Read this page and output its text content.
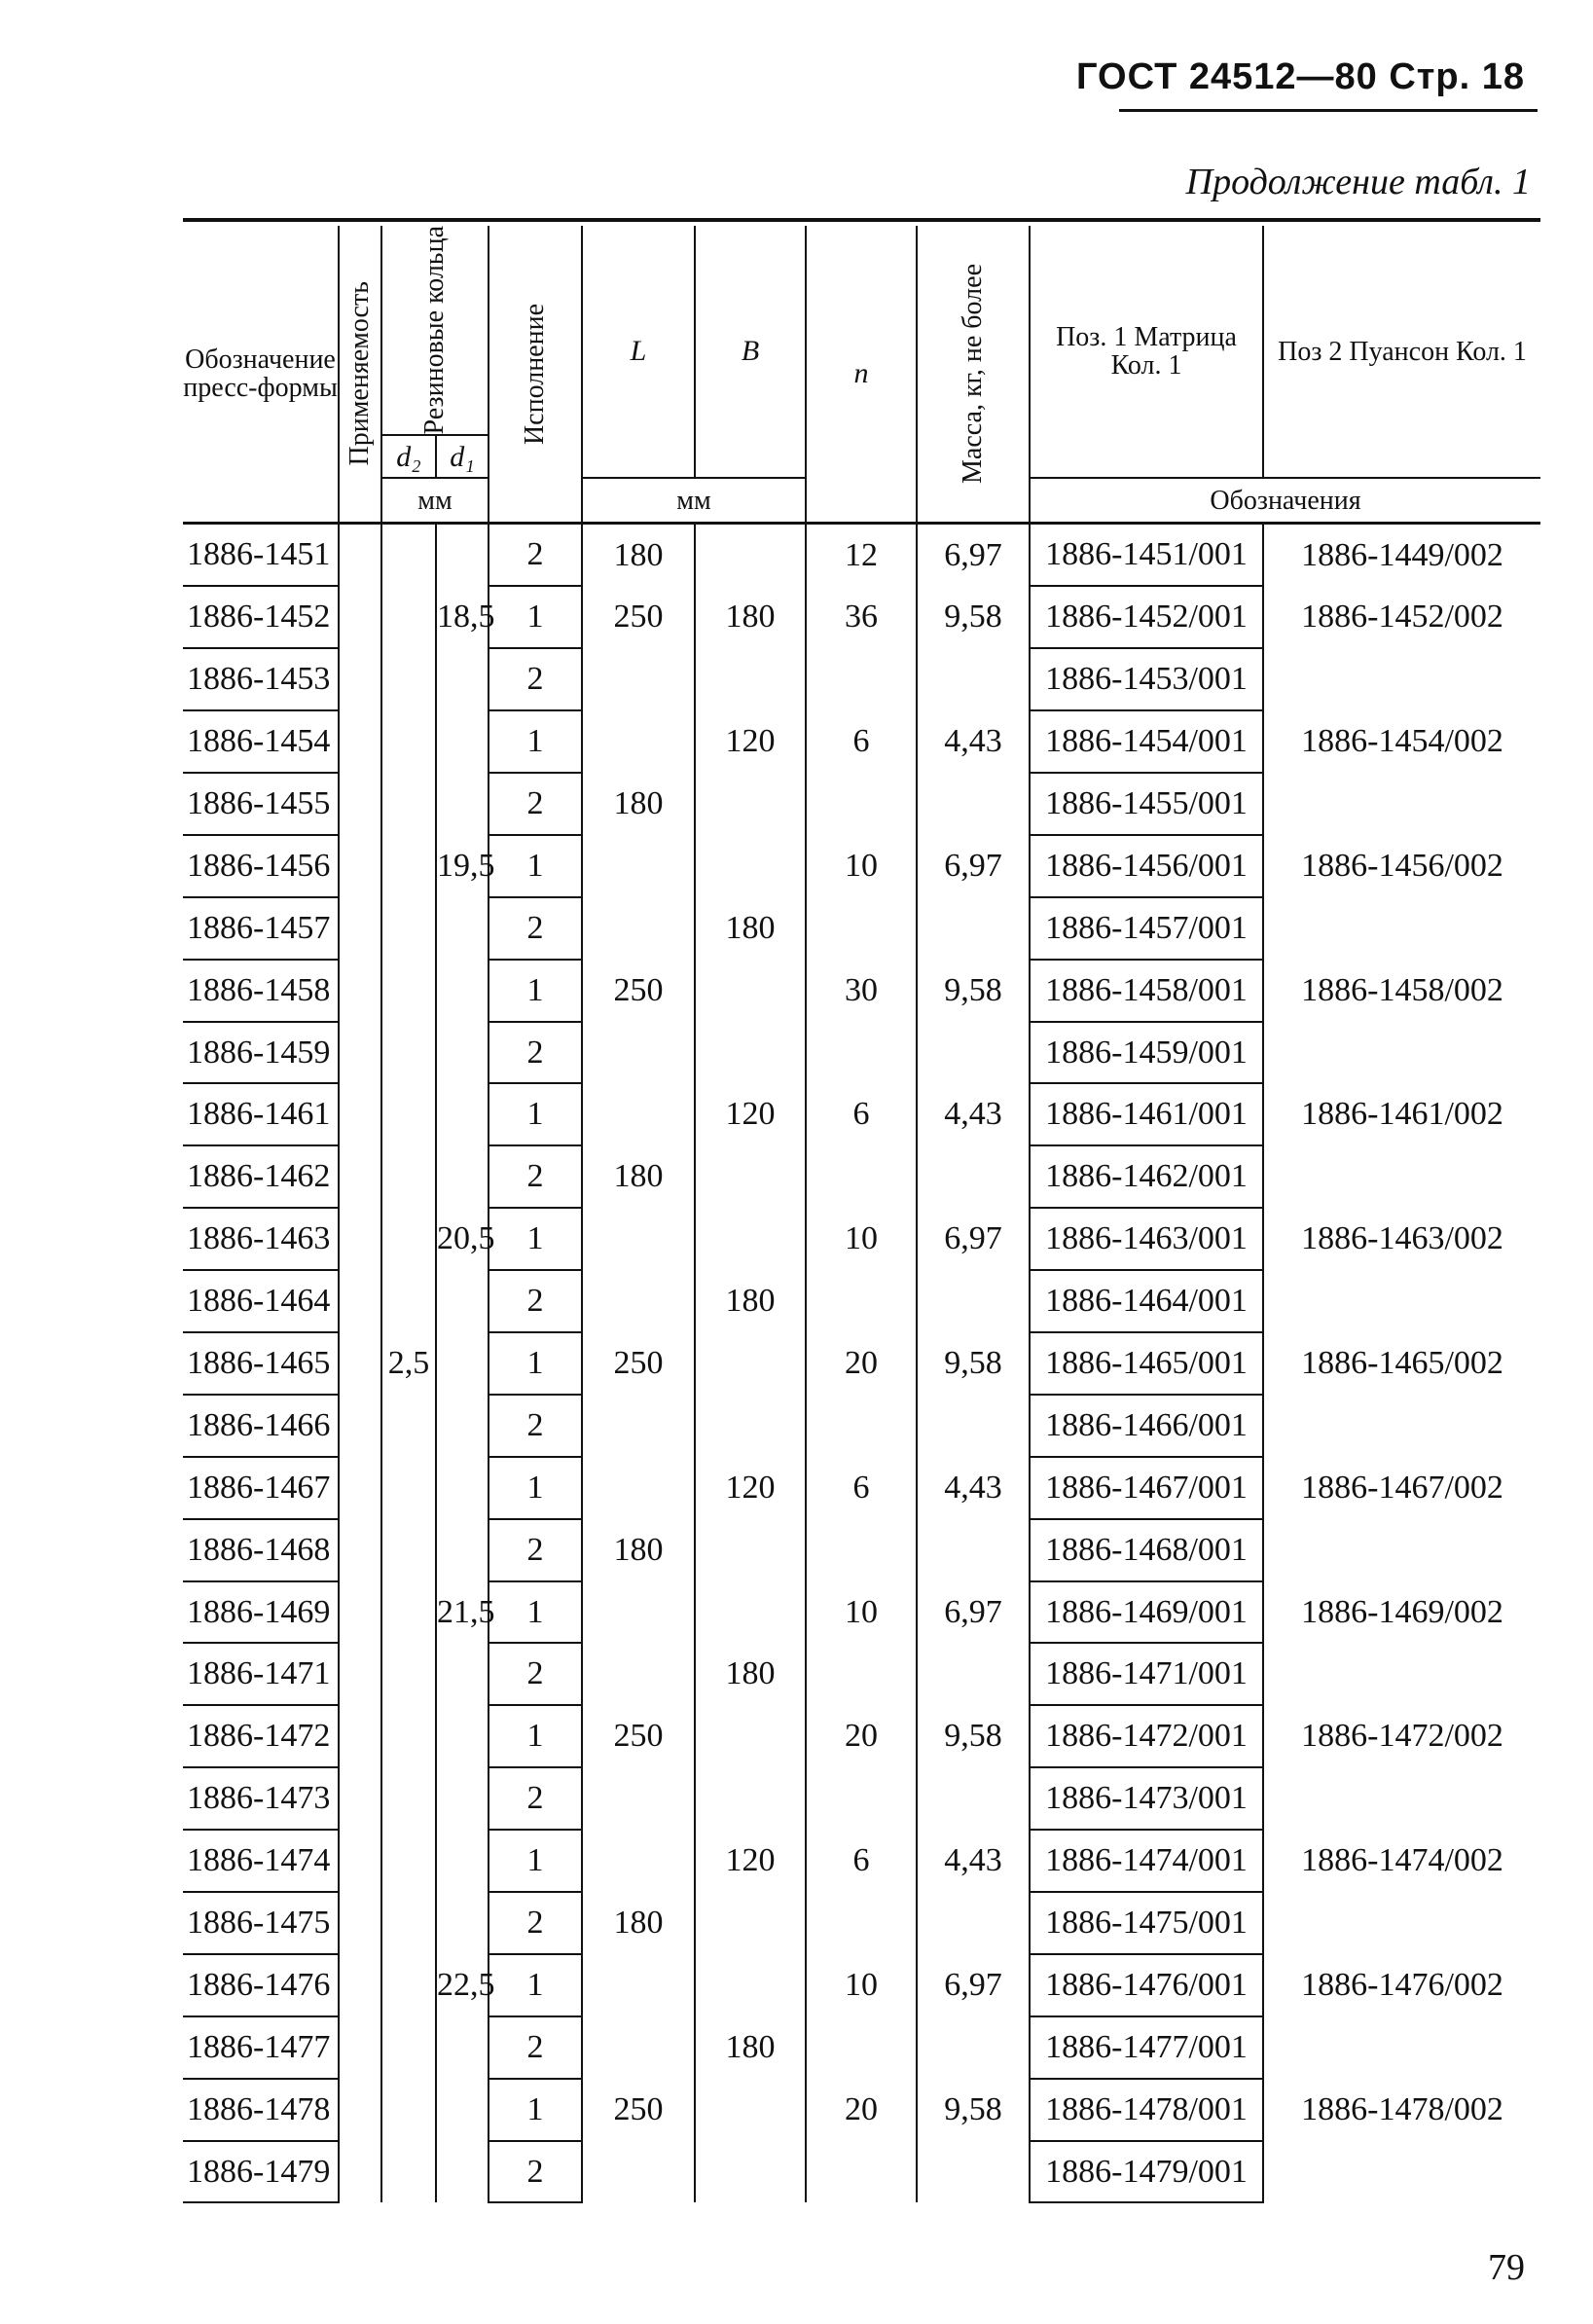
ГОСТ 24512—80 Стр. 18
Продолжение табл. 1
Обозначение пресс-формы	Применяемость	Резиновые кольца		Исполнение	L	B	n	Масса, кг, не более	Поз. 1 Матрица Кол. 1	Поз 2 Пуансон Кол. 1
		d₂	d₁							
		мм			мм				Обозначения	
1886-1451				2	180		12	6,97	1886-1451/001	1886-1449/002
1886-1452			18,5	1	250	180	36	9,58	1886-1452/001	1886-1452/002
1886-1453				2					1886-1453/001	
1886-1454				1		120	6	4,43	1886-1454/001	1886-1454/002
1886-1455				2	180				1886-1455/001	
1886-1456			19,5	1			10	6,97	1886-1456/001	1886-1456/002
1886-1457				2		180			1886-1457/001	
1886-1458				1	250		30	9,58	1886-1458/001	1886-1458/002
1886-1459				2					1886-1459/001	
1886-1461				1		120	6	4,43	1886-1461/001	1886-1461/002
1886-1462				2	180				1886-1462/001	
1886-1463			20,5	1			10	6,97	1886-1463/001	1886-1463/002
1886-1464				2		180			1886-1464/001	
1886-1465		2,5		1	250		20	9,58	1886-1465/001	1886-1465/002
1886-1466				2					1886-1466/001	
1886-1467				1		120	6	4,43	1886-1467/001	1886-1467/002
1886-1468				2	180				1886-1468/001	
1886-1469			21,5	1			10	6,97	1886-1469/001	1886-1469/002
1886-1471				2		180			1886-1471/001	
1886-1472				1	250		20	9,58	1886-1472/001	1886-1472/002
1886-1473				2					1886-1473/001	
1886-1474				1		120	6	4,43	1886-1474/001	1886-1474/002
1886-1475				2	180				1886-1475/001	
1886-1476			22,5	1			10	6,97	1886-1476/001	1886-1476/002
1886-1477				2		180			1886-1477/001	
1886-1478				1	250		20	9,58	1886-1478/001	1886-1478/002
1886-1479				2					1886-1479/001	
79
